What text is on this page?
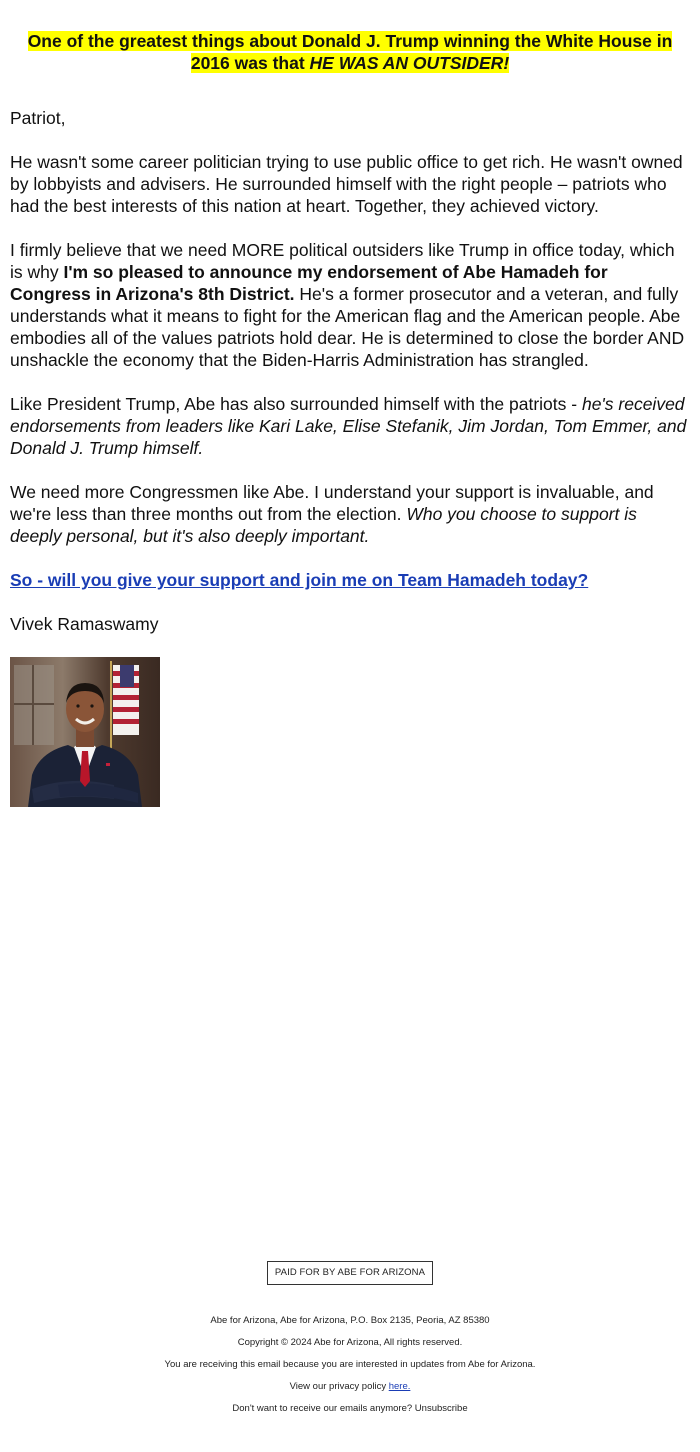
One of the greatest things about Donald J. Trump winning the White House in 2016 was that HE WAS AN OUTSIDER!

Patriot,

He wasn't some career politician trying to use public office to get rich. He wasn't owned by lobbyists and advisers. He surrounded himself with the right people – patriots who had the best interests of this nation at heart. Together, they achieved victory.

I firmly believe that we need MORE political outsiders like Trump in office today, which is why I'm so pleased to announce my endorsement of Abe Hamadeh for Congress in Arizona's 8th District. He's a former prosecutor and a veteran, and fully understands what it means to fight for the American flag and the American people. Abe embodies all of the values patriots hold dear. He is determined to close the border AND unshackle the economy that the Biden-Harris Administration has strangled.

Like President Trump, Abe has also surrounded himself with the patriots - he's received endorsements from leaders like Kari Lake, Elise Stefanik, Jim Jordan, Tom Emmer, and Donald J. Trump himself.

We need more Congressmen like Abe. I understand your support is invaluable, and we're less than three months out from the election. Who you choose to support is deeply personal, but it's also deeply important.

So - will you give your support and join me on Team Hamadeh today?

Vivek Ramaswamy

PAID FOR BY ABE FOR ARIZONA
Abe for Arizona, Abe for Arizona, P.O. Box 2135, Peoria, AZ 85380
Copyright © 2024 Abe for Arizona, All rights reserved.
You are receiving this email because you are interested in updates from Abe for Arizona.
View our privacy policy here.
Don't want to receive our emails anymore? Unsubscribe
